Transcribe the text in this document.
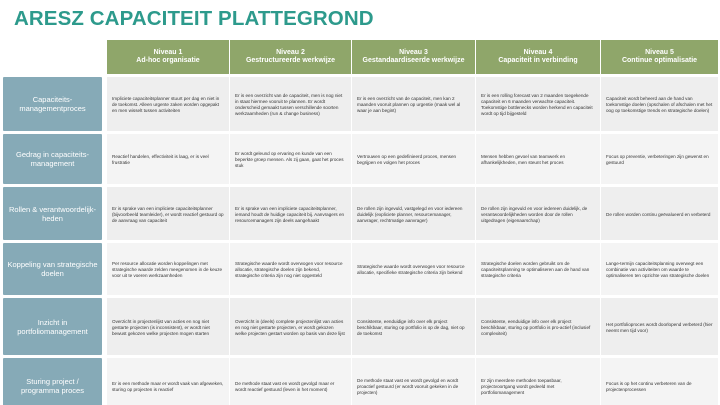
ARESZ CAPACITEIT PLATTEGROND
Niveau 1
Ad-hoc organisatie
Niveau 2
Gestructureerde werkwijze
Niveau 3
Gestandaardiseerde werkwijze
Niveau 4
Capaciteit in verbinding
Niveau 5
Continue optimalisatie
Capaciteits-managementproces
Impliciete capaciteitsplanner stuurt per dag en niet in de toekomst. Alleen urgente zaken worden opgepakt en men wisselt tussen activiteiten
Er is een overzicht van de capaciteit, men is nog niet in staat hiermee vooruit te plannen. Er wordt onderscheid gemaakt tussen verschillende soorten werkzaamheden (run & change business)
Er is een overzicht van de capaciteit, men kan 2 maanden vooruit plannen op urgentie (maak wel al waar je aan begint)
Er is een rolling forecast van 2 maanden toegekende capaciteit en 6 maanden verwachte capaciteit. Toekomstige bottlenecks worden herkend en capaciteit wordt op tijd bijgesteld
Capaciteit wordt beheerd aan de hand van toekomstige doelen (opschalen of afschalen met het oog op toekomstige trends en strategische doelen)
Gedrag in capaciteits-management
Reactief handelen, effectiviteit is laag, er is veel frustratie
Er wordt geleund op ervaring en kunde van een beperkte groep mensen. Als zij gaan, gaat het proces stuk
Vertrouwen op een gedefinieerd proces, mensen begrijpen en volgen het proces
Mensen hebben gevoel van teamwerk en afhankelijkheden, men steunt het proces
Focus op preventie, verbeteringen zijn gewenst en gestuurd
Rollen & verantwoordelijk-heden
Er is sprake van een impliciete capaciteitsplanner (bijvoorbeeld teamleider), er wordt reactief gestuurd op de aanvraag van capaciteit
Er is sprake van een impliciete capaciteitsplanner, iemand houdt de huidige capaciteit bij. Aanvragers en resourcemanagers zijn deels aangehaakt
De rollen zijn ingevuld, vastgelegd en voor iedereen duidelijk (expliciete planner, resourcemanager, aanvrager, rechtmatige aanvrager)
De rollen zijn ingevuld en voor iedereen duidelijk, de verantwoordelijkheden worden door de rollen uitgedragen (eigenaarschap)
De rollen worden continu geëvalueerd en verbeterd
Koppeling van strategische doelen
Per resource allocatie worden koppelingen met strategische waarde zelden meegenomen in de keuze voor uit te voeren werkzaamheden
Strategische waarde wordt overwogen voor resource allocatie, strategische doelen zijn bekend, strategische criteria zijn nog niet opgesteld
Strategische waarde wordt overwogen voor resource allocatie, specifieke strategische criteria zijn bekend
Strategische doelen worden gebruikt om de capaciteitsplanning te optimaliseren aan de hand van strategische criteria
Lange-termijn capaciteitsplanning overwegt een combinatie van activiteiten om waarde te optimaliseren ten opzichte van strategische doelen
Inzicht in portfoliomanagement
Overzicht in projectenlijst van acties en nog niet gestarte projecten (is inconsistent), er wordt niet bewust gekozen welke projecten mogen starten
Overzicht in (deels) complete projectenlijst van acties en nog niet gestarte projecten, er wordt gekozen welke projecten gestart worden op basis van deze lijst
Consistente, eenduidige info over elk project beschikbaar, sturing op portfolio is op de dag, niet op de toekomst
Consistente, eenduidige info over elk project beschikbaar, sturing op portfolio is pro-actief (inclusief complexiteit)
Het portfolioproces wordt doorlopend verbeterd (hier neemt men tijd voor)
Sturing project / programma proces
Er is een methode maar er wordt vaak van afgeweken, sturing op projecten is reactief
De methode staat vast en wordt gevolgd maar er wordt reactief gestuurd (leven in het moment)
De methode staat vast en wordt gevolgd en wordt proactief gestuurd (er wordt vooruit gekeken in de projecten)
Er zijn meerdere methoden toepasbaar, projectvoortgang wordt gedeeld met portfoliomanagement
Focus is op het continu verbeteren van de projectenprocessen
